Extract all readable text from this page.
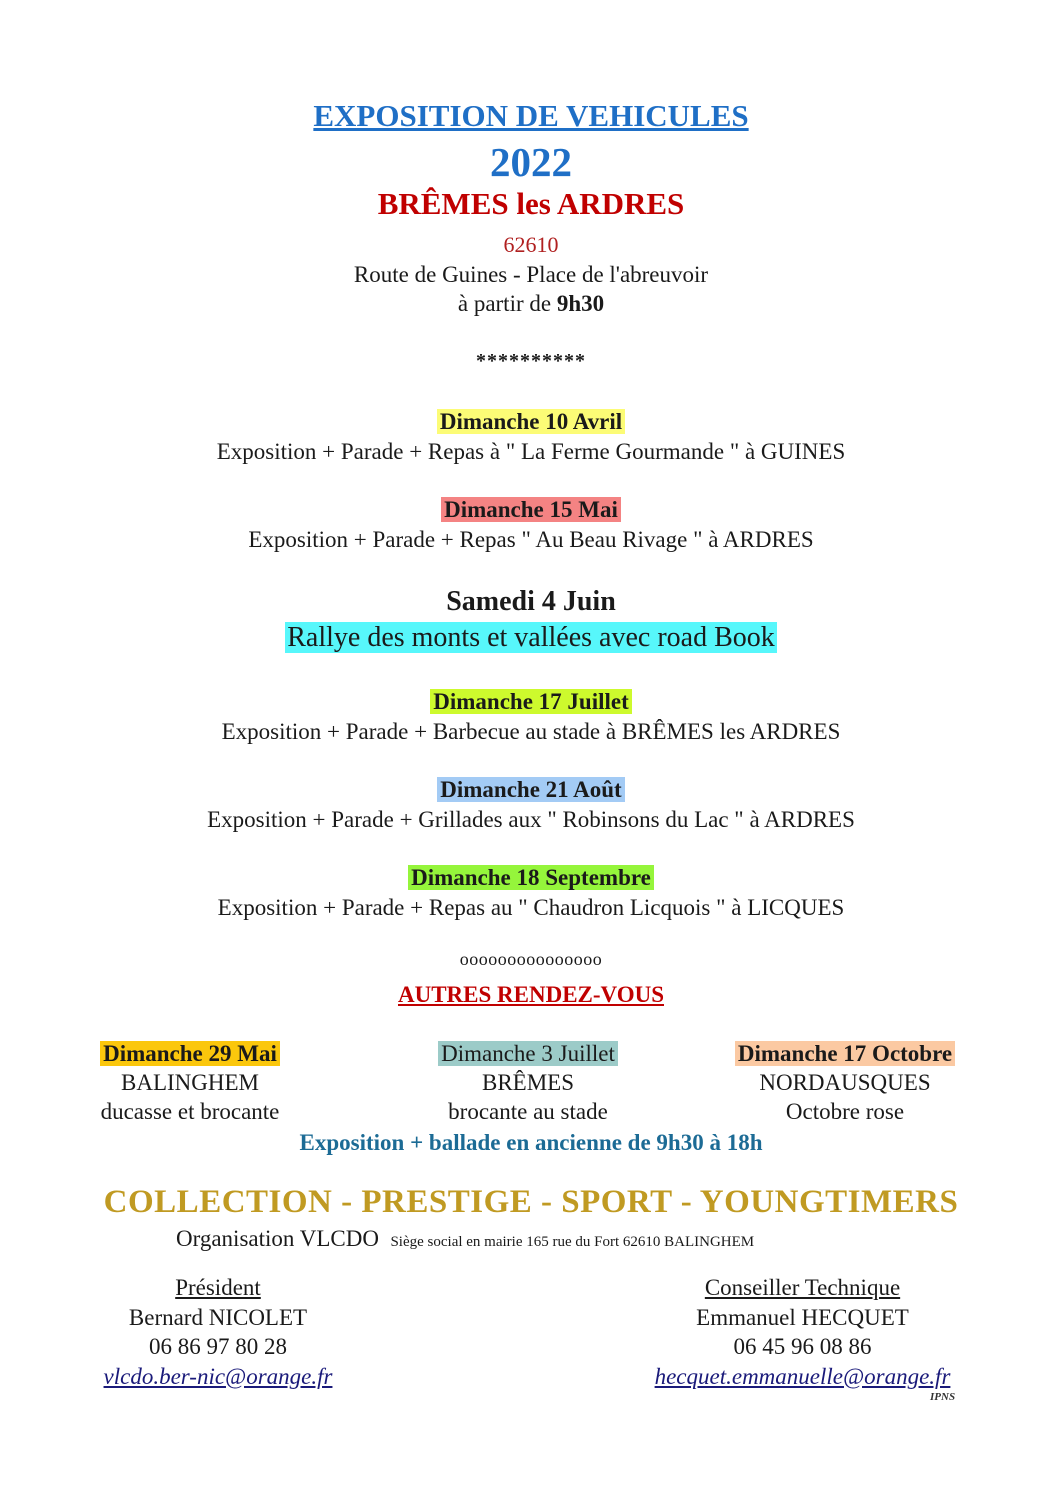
EXPOSITION DE VEHICULES
2022
BRÊMES les ARDRES
62610
Route de Guines - Place de l'abreuvoir
à partir de 9h30
**********
Dimanche 10 Avril
Exposition + Parade + Repas à " La Ferme Gourmande " à GUINES
Dimanche 15 Mai
Exposition + Parade + Repas " Au Beau Rivage " à ARDRES
Samedi 4 Juin
Rallye des monts et vallées avec road Book
Dimanche 17 Juillet
Exposition + Parade + Barbecue au stade à BRÊMES les ARDRES
Dimanche 21 Août
Exposition + Parade + Grillades aux " Robinsons du Lac " à ARDRES
Dimanche 18 Septembre
Exposition + Parade + Repas au " Chaudron Licquois " à LICQUES
ooooooooooooooo
AUTRES RENDEZ-VOUS
Dimanche 29 Mai
BALINGHEM
ducasse et brocante
Dimanche 3 Juillet
BRÊMES
brocante au stade
Dimanche 17 Octobre
NORDAUSQUES
Octobre rose
Exposition + ballade en ancienne de 9h30 à 18h
COLLECTION - PRESTIGE - SPORT - YOUNGTIMERS
Organisation VLCDO Siège social en mairie 165 rue du Fort 62610 BALINGHEM
Président
Bernard NICOLET
06 86 97 80 28
vlcdo.ber-nic@orange.fr
Conseiller Technique
Emmanuel HECQUET
06 45 96 08 86
hecquet.emmanuelle@orange.fr
IPNS
